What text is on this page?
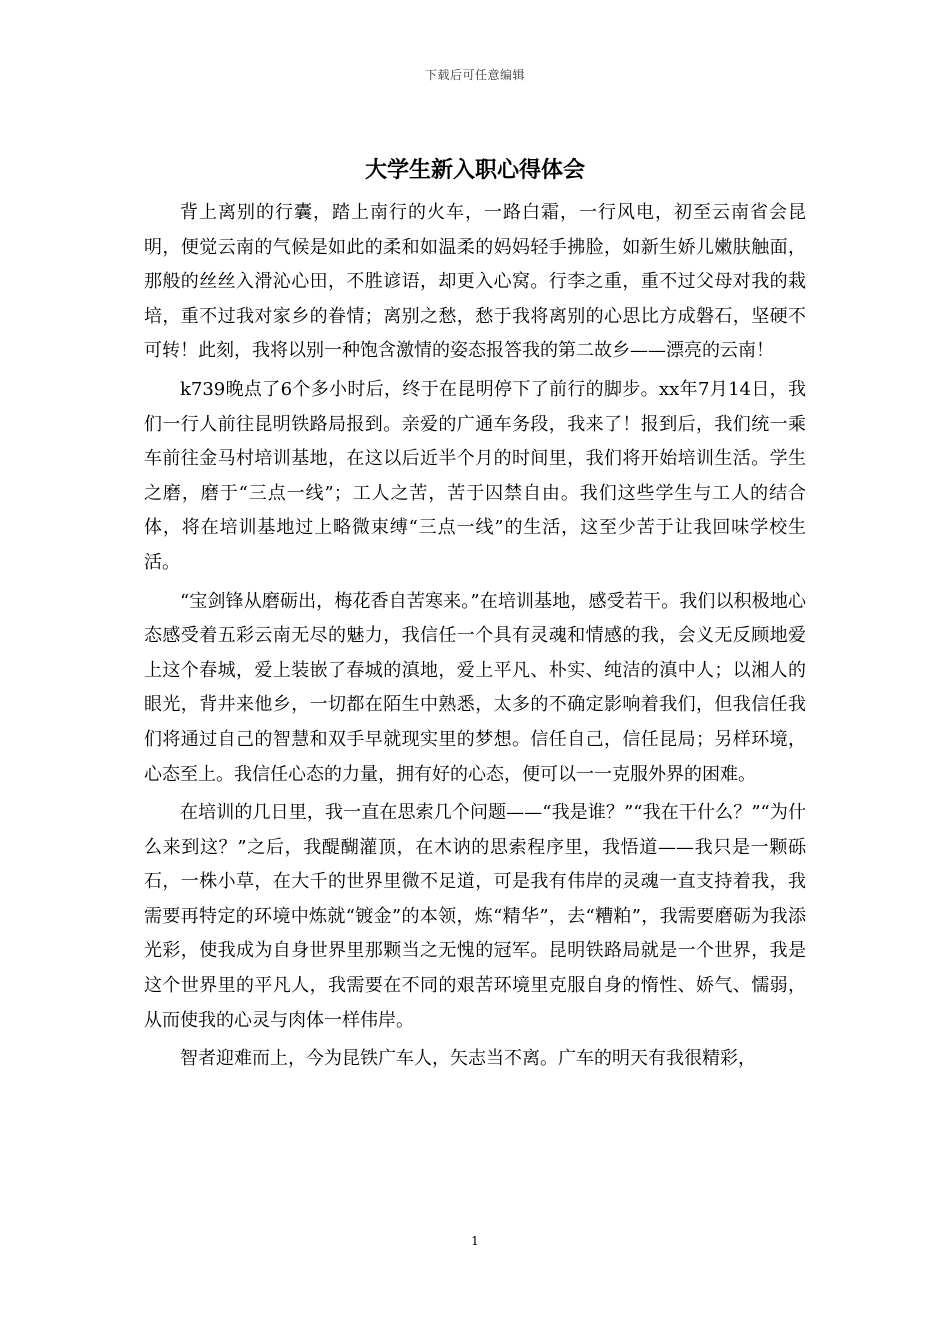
下载后可任意编辑
大学生新入职心得体会

背上离别的行囊，踏上南行的火车，一路白霜，一行风电，初至云南省会昆明，便觉云南的气候是如此的柔和如温柔的妈妈轻手拂脸，如新生娇儿嫩肤触面，那般的丝丝入滑沁心田，不胜谚语，却更入心窝。行李之重，重不过父母对我的栽培，重不过我对家乡的眷情；离别之愁，愁于我将离别的心思比方成磐石，坚硬不可转！此刻，我将以别一种饱含激情的姿态报答我的第二故乡——漂亮的云南！

k739晚点了6个多小时后，终于在昆明停下了前行的脚步。xx年7月14日，我们一行人前往昆明铁路局报到。亲爱的广通车务段，我来了！报到后，我们统一乘车前往金马村培训基地，在这以后近半个月的时间里，我们将开始培训生活。学生之磨，磨于“三点一线”；工人之苦，苦于囚禁自由。我们这些学生与工人的结合体，将在培训基地过上略微束缚“三点一线”的生活，这至少苦于让我回味学校生活。

“宝剑锋从磨砺出，梅花香自苦寒来。”在培训基地，感受若干。我们以积极地心态感受着五彩云南无尽的魅力，我信任一个具有灵魂和情感的我，会义无反顾地爱上这个春城，爱上装嵌了春城的滇地，爱上平凡、朴实、纯洁的滇中人；以湘人的眼光，背井来他乡，一切都在陌生中熟悉，太多的不确定影响着我们，但我信任我们将通过自己的智慧和双手早就现实里的梦想。信任自己，信任昆局；另样环境，心态至上。我信任心态的力量，拥有好的心态，便可以一一克服外界的困难。

在培训的几日里，我一直在思索几个问题——“我是谁？”“我在干什么？”“为什么来到这？”之后，我醍醐灌顶，在木讷的思索程序里，我悟道——我只是一颗砾石，一株小草，在大千的世界里微不足道，可是我有伟岸的灵魂一直支持着我，我需要再特定的环境中炼就“镀金”的本领，炼“精华”，去“糟粕”，我需要磨砺为我添光彩，使我成为自身世界里那颗当之无愧的冠军。昆明铁路局就是一个世界，我是这个世界里的平凡人，我需要在不同的艰苦环境里克服自身的惰性、娇气、懦弱，从而使我的心灵与肉体一样伟岸。

智者迎难而上，今为昆铁广车人，矢志当不离。广车的明天有我很精彩，

1
